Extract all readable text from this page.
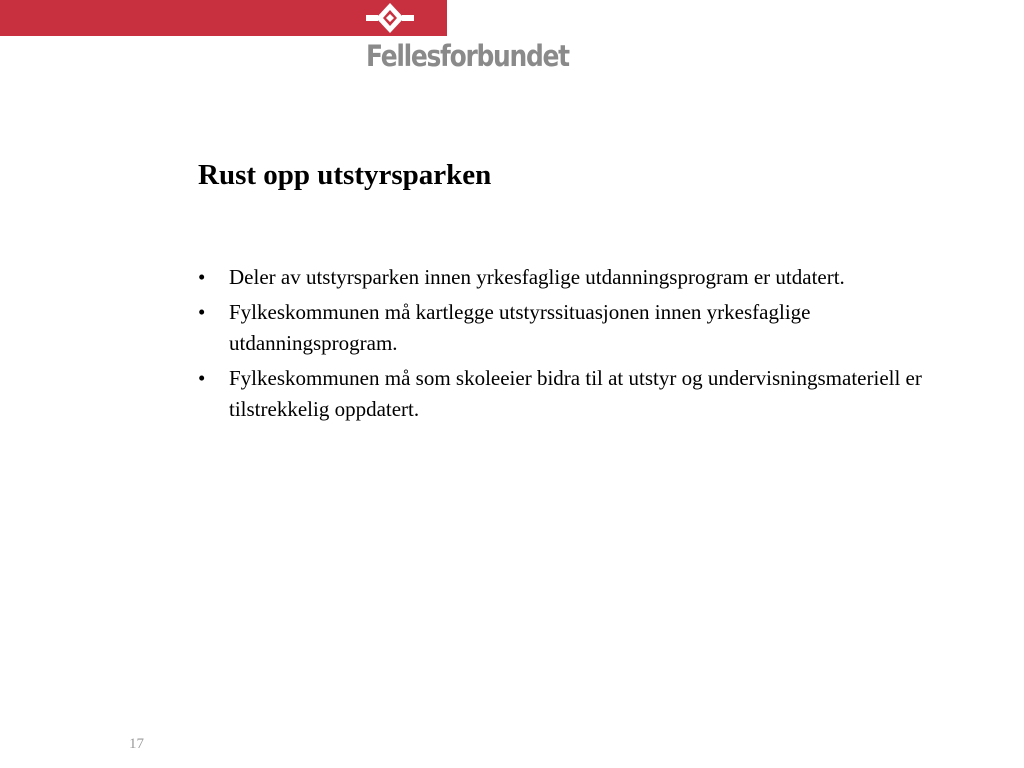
Fellesforbundet
Rust opp utstyrsparken
• Deler av utstyrsparken innen yrkesfaglige utdanningsprogram er utdatert.
• Fylkeskommunen må kartlegge utstyrssituasjonen innen yrkesfaglige utdanningsprogram.
• Fylkeskommunen må som skoleeier bidra til at utstyr og undervisningsmateriell er tilstrekkelig oppdatert.
17
